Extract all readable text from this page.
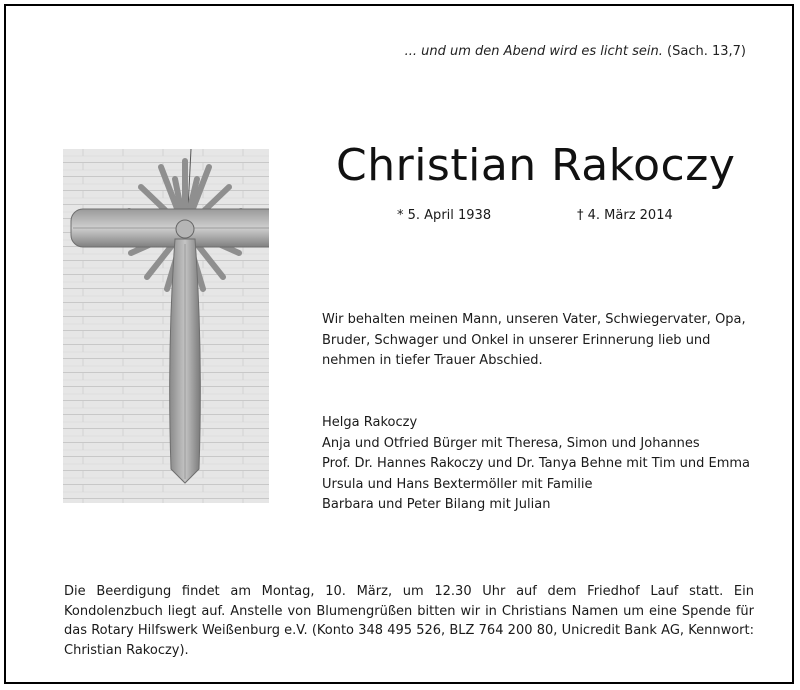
... und um den Abend wird es licht sein. (Sach. 13,7)
Christian Rakoczy
* 5. April 1938	† 4. März 2014

Wir behalten meinen Mann, unseren Vater, Schwiegervater, Opa, Bruder, Schwager und Onkel in unserer Erinnerung lieb und nehmen in tiefer Trauer Abschied.

Helga Rakoczy
Anja und Otfried Bürger mit Theresa, Simon und Johannes
Prof. Dr. Hannes Rakoczy und Dr. Tanya Behne mit Tim und Emma
Ursula und Hans Bextermöller mit Familie
Barbara und Peter Bilang mit Julian
Die Beerdigung findet am Montag, 10. März, um 12.30 Uhr auf dem Friedhof Lauf statt. Ein Kondolenzbuch liegt auf. Anstelle von Blumengrüßen bitten wir in Christians Namen um eine Spende für das Rotary Hilfswerk Weißenburg e.V. (Konto 348 495 526, BLZ 764 200 80, Unicredit Bank AG, Kennwort: Christian Rakoczy).
